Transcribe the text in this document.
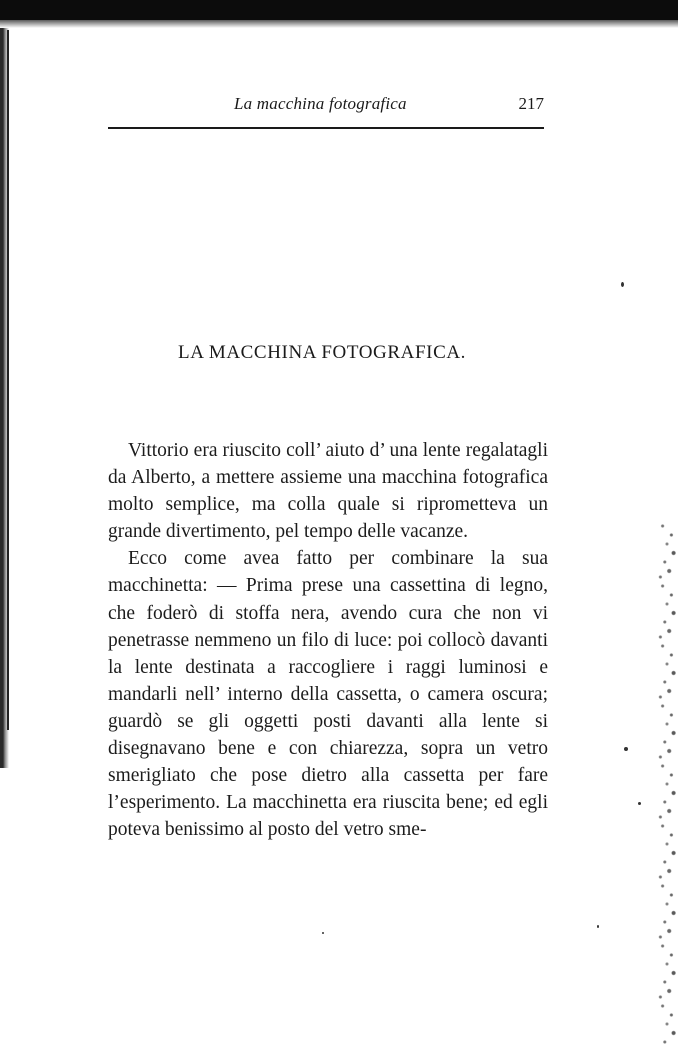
La macchina fotografica	217
LA MACCHINA FOTOGRAFICA.

Vittorio era riuscito coll’ aiuto d’ una lente regalatagli da Alberto, a mettere assieme una macchina fotografica molto semplice, ma colla quale si riprometteva un grande divertimento, pel tempo delle vacanze.

Ecco come avea fatto per combinare la sua macchinetta: — Prima prese una cassettina di legno, che foderò di stoffa nera, avendo cura che non vi penetrasse nemmeno un filo di luce: poi collocò davanti la lente destinata a raccogliere i raggi luminosi e mandarli nell’ interno della cassetta, o camera oscura; guardò se gli oggetti posti davanti alla lente si disegnavano bene e con chiarezza, sopra un vetro smerigliato che pose dietro alla cassetta per fare l’esperimento. La macchinetta era riuscita bene; ed egli poteva benissimo al posto del vetro sme-
